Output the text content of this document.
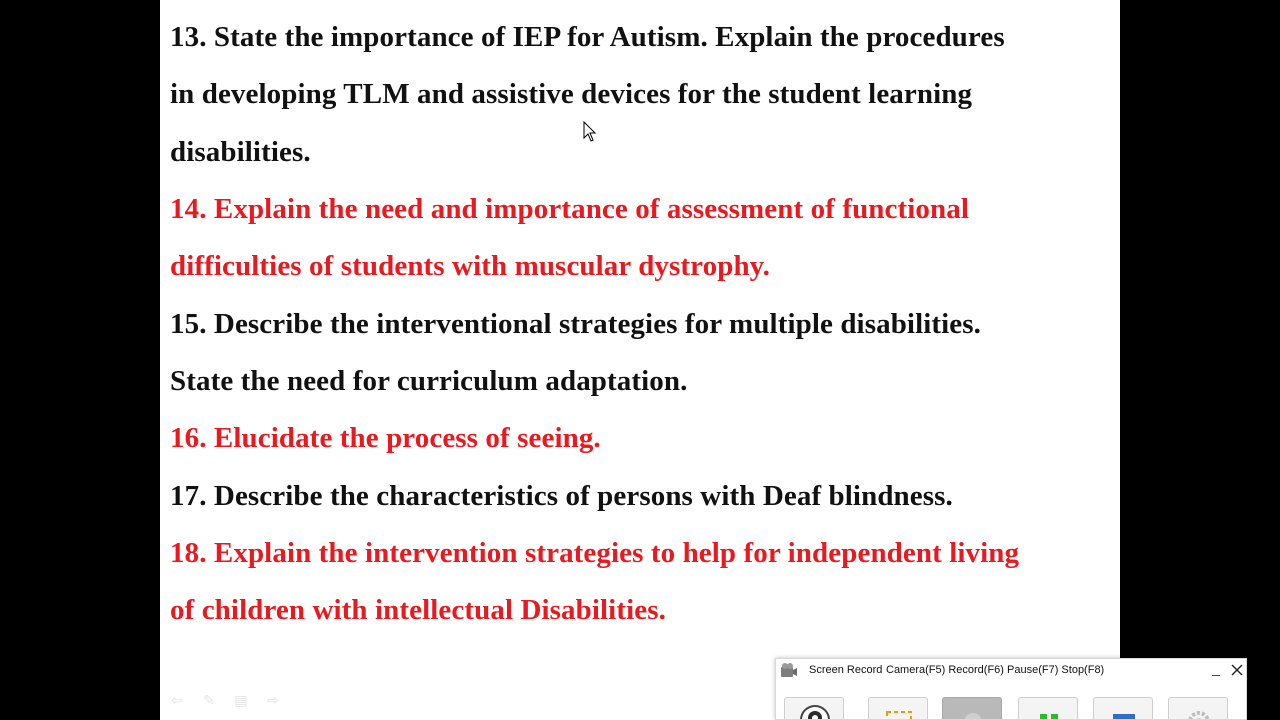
13. State the importance of IEP for Autism. Explain the procedures
in developing TLM and assistive devices for the student learning
disabilities.

14. Explain the need and importance of assessment of functional
difficulties of students with muscular dystrophy.

15. Describe the interventional strategies for multiple disabilities.
State the need for curriculum adaptation.

16. Elucidate the process of seeing.

17. Describe the characteristics of persons with Deaf blindness.

18. Explain the intervention strategies to help for independent living
of children with intellectual Disabilities.

⇦	✎	▤	⇨
Screen Record Camera(F5) Record(F6) Pause(F7) Stop(F8)	_
